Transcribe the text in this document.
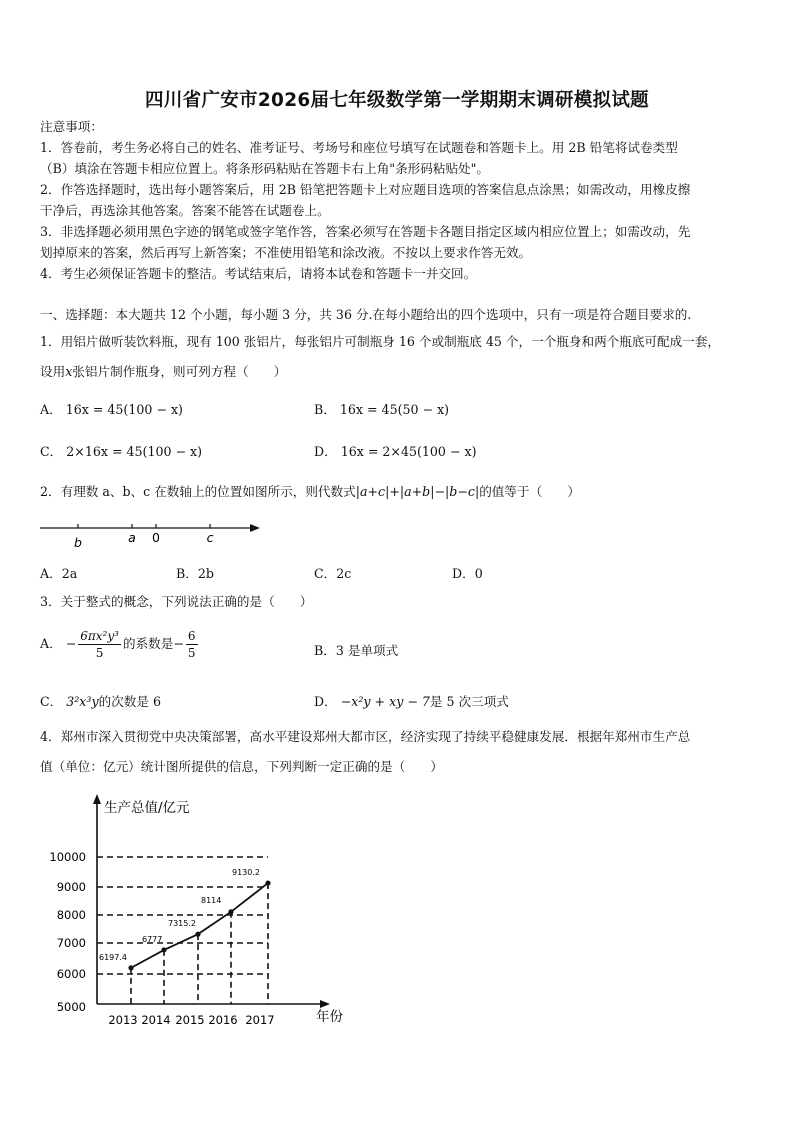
四川省广安市2026届七年级数学第一学期期末调研模拟试题
注意事项：
1．答卷前，考生务必将自己的姓名、准考证号、考场号和座位号填写在试题卷和答题卡上。用 2B 铅笔将试卷类型
（B）填涂在答题卡相应位置上。将条形码粘贴在答题卡右上角"条形码粘贴处"。
2．作答选择题时，选出每小题答案后，用 2B 铅笔把答题卡上对应题目选项的答案信息点涂黑；如需改动，用橡皮擦
干净后，再选涂其他答案。答案不能答在试题卷上。
3．非选择题必须用黑色字迹的钢笔或签字笔作答，答案必须写在答题卡各题目指定区域内相应位置上；如需改动，先
划掉原来的答案，然后再写上新答案；不准使用铅笔和涂改液。不按以上要求作答无效。
4．考生必须保证答题卡的整洁。考试结束后，请将本试卷和答题卡一并交回。
一、选择题：本大题共 12 个小题，每小题 3 分，共 36 分.在每小题给出的四个选项中，只有一项是符合题目要求的.
1．用铝片做听装饮料瓶，现有 100 张铝片，每张铝片可制瓶身 16 个或制瓶底 45 个，一个瓶身和两个瓶底可配成一套，
设用x张铝片制作瓶身，则可列方程（　　）
A． 16x = 45(100 − x)	B． 16x = 45(50 − x)
C． 2×16x = 45(100 − x)	D． 16x = 2×45(100 − x)
2．有理数 a、b、c 在数轴上的位置如图所示，则代数式|a+c|+|a+b|−|b−c|的值等于（　　）
b	a 0	c
A．2a	B．2b	C．2c	D．0
3．关于整式的概念，下列说法正确的是（　　）
A． − $\frac{\text{6πx²y³}}{5}$ 的系数是− $\frac{6}{5}$	B．3 是单项式
C． 3²x³y的次数是 6	D． −x²y + xy − 7是 5 次三项式
4．郑州市深入贯彻党中央决策部署，高水平建设郑州大都市区，经济实现了持续平稳健康发展．根据年郑州市生产总
值（单位：亿元）统计图所提供的信息，下列判断一定正确的是（　　）
生产总值/亿元
年份
5000
6000
7000
8000
9000
10000
2013 2014 2015 2016 2017
6197.4
6777
7315.2
8114
9130.2
